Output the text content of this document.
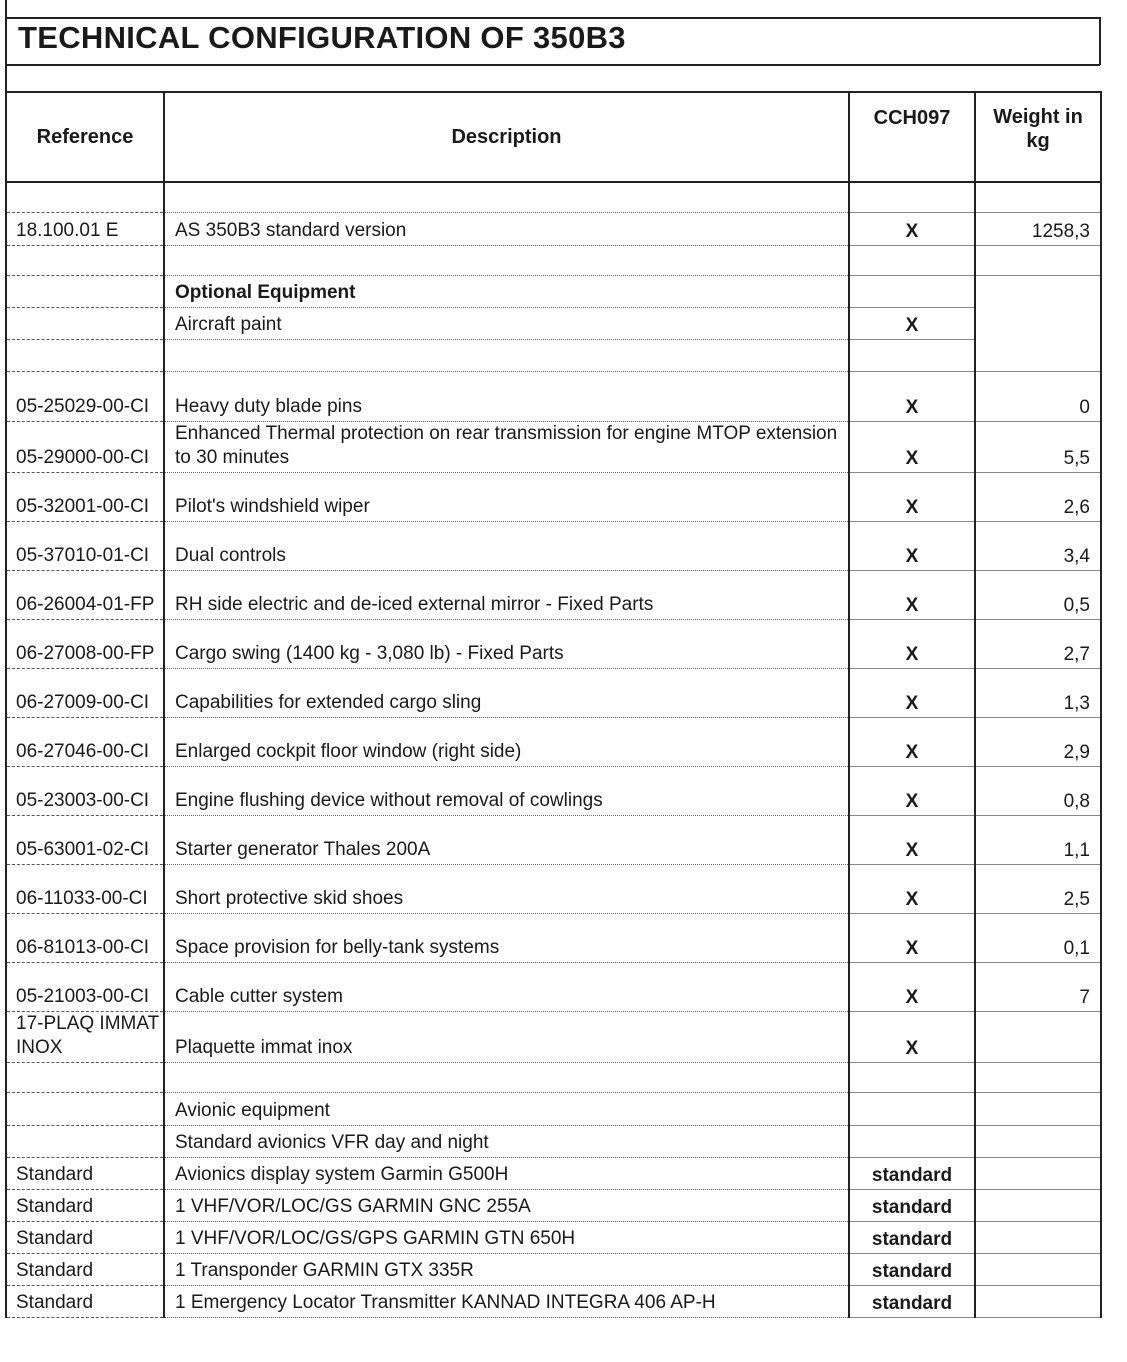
TECHNICAL CONFIGURATION OF 350B3
Reference	Description	CCH097	Weight in kg

18.100.01 E	AS 350B3 standard version	X	1258,3

	Optional Equipment		
	Aircraft paint	X	

05-25029-00-CI	Heavy duty blade pins	X	0
05-29000-00-CI	Enhanced Thermal protection on rear transmission for engine MTOP extension to 30 minutes	X	5,5
05-32001-00-CI	Pilot's windshield wiper	X	2,6
05-37010-01-CI	Dual controls	X	3,4
06-26004-01-FP	RH side electric and de-iced external mirror - Fixed Parts	X	0,5
06-27008-00-FP	Cargo swing (1400 kg - 3,080 lb) - Fixed Parts	X	2,7
06-27009-00-CI	Capabilities for extended cargo sling	X	1,3
06-27046-00-CI	Enlarged cockpit floor window (right side)	X	2,9
05-23003-00-CI	Engine flushing device without removal of cowlings	X	0,8
05-63001-02-CI	Starter generator Thales 200A	X	1,1
06-11033-00-CI	Short protective skid shoes	X	2,5
06-81013-00-CI	Space provision for belly-tank systems	X	0,1
05-21003-00-CI	Cable cutter system	X	7
17-PLAQ IMMAT INOX	Plaquette immat inox	X	

	Avionic equipment		
	Standard avionics VFR day and night		
Standard	Avionics display system Garmin G500H	standard	
Standard	1 VHF/VOR/LOC/GS GARMIN GNC 255A	standard	
Standard	1 VHF/VOR/LOC/GS/GPS GARMIN GTN 650H	standard	
Standard	1 Transponder GARMIN GTX 335R	standard	
Standard	1 Emergency Locator Transmitter KANNAD INTEGRA 406 AP-H	standard	
